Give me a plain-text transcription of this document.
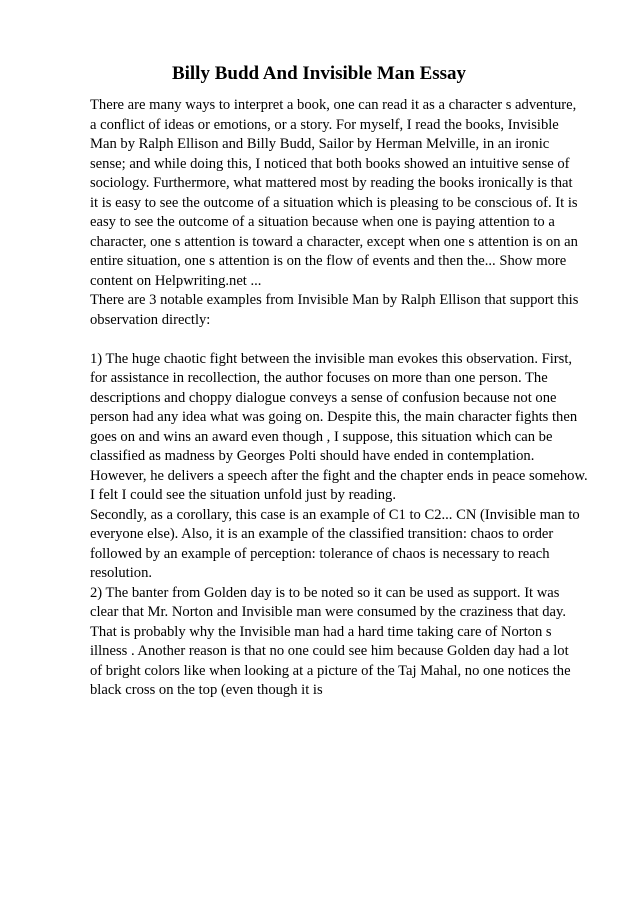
Billy Budd And Invisible Man Essay
There are many ways to interpret a book, one can read it as a character s adventure,
a conflict of ideas or emotions, or a story. For myself, I read the books, Invisible
Man by Ralph Ellison and Billy Budd, Sailor by Herman Melville, in an ironic
sense; and while doing this, I noticed that both books showed an intuitive sense of
sociology. Furthermore, what mattered most by reading the books ironically is that
it is easy to see the outcome of a situation which is pleasing to be conscious of. It is
easy to see the outcome of a situation because when one is paying attention to a
character, one s attention is toward a character, except when one s attention is on an
entire situation, one s attention is on the flow of events and then the... Show more
content on Helpwriting.net ...
There are 3 notable examples from Invisible Man by Ralph Ellison that support this
observation directly:
1) The huge chaotic fight between the invisible man evokes this observation. First,
for assistance in recollection, the author focuses on more than one person. The
descriptions and choppy dialogue conveys a sense of confusion because not one
person had any idea what was going on. Despite this, the main character fights then
goes on and wins an award even though , I suppose, this situation which can be
classified as madness by Georges Polti should have ended in contemplation.
However, he delivers a speech after the fight and the chapter ends in peace somehow.
I felt I could see the situation unfold just by reading.
Secondly, as a corollary, this case is an example of C1 to C2... CN (Invisible man to
everyone else). Also, it is an example of the classified transition: chaos to order
followed by an example of perception: tolerance of chaos is necessary to reach
resolution.
2) The banter from Golden day is to be noted so it can be used as support. It was
clear that Mr. Norton and Invisible man were consumed by the craziness that day.
That is probably why the Invisible man had a hard time taking care of Norton s
illness . Another reason is that no one could see him because Golden day had a lot
of bright colors like when looking at a picture of the Taj Mahal, no one notices the
black cross on the top (even though it is
